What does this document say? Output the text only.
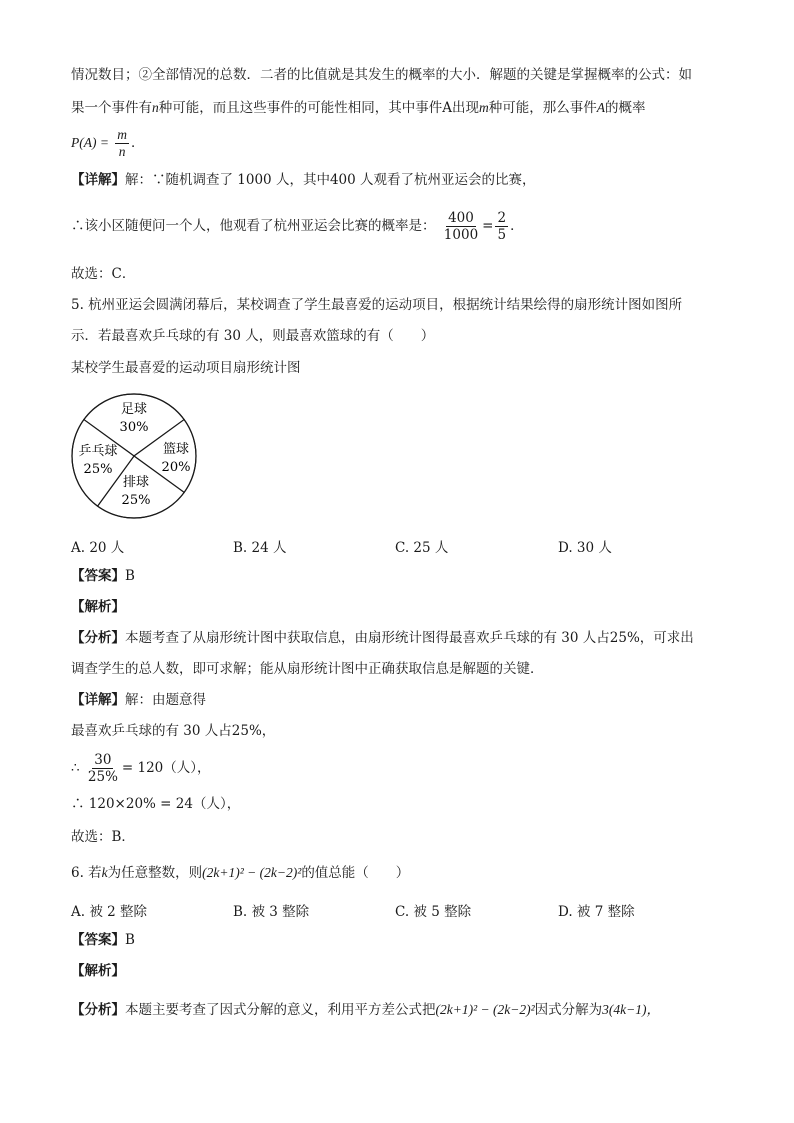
情况数目；②全部情况的总数．二者的比值就是其发生的概率的大小．解题的关键是掌握概率的公式：如
果一个事件有n种可能，而且这些事件的可能性相同，其中事件A出现m种可能，那么事件A的概率
$P(A) = \frac{m}{n}$ ．
【详解】解：∵随机调查了 1000 人，其中400 人观看了杭州亚运会的比赛，
∴该小区随便问一个人，他观看了杭州亚运会比赛的概率是： $\frac{400}{1000} = \frac{2}{5}$ ．
故选：C．
5. 杭州亚运会圆满闭幕后，某校调查了学生最喜爱的运动项目，根据统计结果绘得的扇形统计图如图所
示．若最喜欢乒乓球的有 30 人，则最喜欢篮球的有（　　）
某校学生最喜爱的运动项目扇形统计图
足球
30%
篮球
20%
排球
25%
乒乓球
25%
A. 20 人	B. 24 人	C. 25 人	D. 30 人
【答案】B
【解析】
【分析】本题考查了从扇形统计图中获取信息，由扇形统计图得最喜欢乒乓球的有 30 人占25%，可求出
调查学生的总人数，即可求解；能从扇形统计图中正确获取信息是解题的关键．
【详解】解：由题意得
最喜欢乒乓球的有 30 人占25%，
∴ $\frac{30}{25\%} = 120$（人），
∴ 120×20% = 24（人），
故选：B．
6. 若k为任意整数，则(2k+1)² − (2k−2)²的值总能（　　）
A. 被 2 整除	B. 被 3 整除	C. 被 5 整除	D. 被 7 整除
【答案】B
【解析】
【分析】本题主要考查了因式分解的意义，利用平方差公式把(2k+1)² − (2k−2)²因式分解为3(4k−1)，
